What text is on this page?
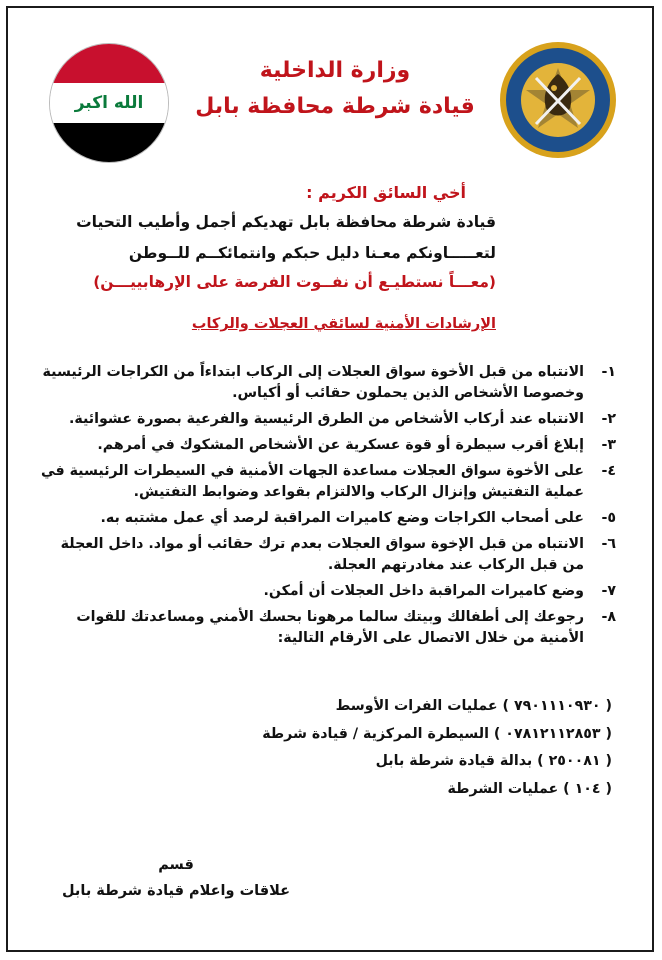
الله اكبر
وزارة الداخلية
قيادة شرطة محافظة بابل
أخي السائق الكريم :
قيادة شرطة محافظة بابل تهديكم أجمل وأطيب التحيات
لتعـــــاونكم معـنا دليل حبكم وانتمائكــم للــوطن
(معـــاً نستطيـع أن نفــوت الفرصة على الإرهابييـــن)
الإرشادات الأمنية لسائقي العجلات والركاب
١-
الانتباه من قبل الأخوة سواق العجلات إلى الركاب ابتداءاً من الكراجات الرئيسية وخصوصا الأشخاص الذين يحملون حقائب أو أكياس.
٢-
الانتباه عند أركاب الأشخاص من الطرق الرئيسية والفرعية بصورة عشوائية.
٣-
إبلاغ أقرب سيطرة أو قوة عسكرية عن الأشخاص المشكوك في أمرهم.
٤-
على الأخوة سواق العجلات مساعدة الجهات الأمنية في السيطرات الرئيسية في عملية التفتيش وإنزال الركاب والالتزام بقواعد وضوابط التفتيش.
٥-
على أصحاب الكراجات وضع كاميرات المراقبة لرصد أي عمل مشتبه به.
٦-
الانتباه من قبل الإخوة سواق العجلات بعدم ترك حقائب أو مواد. داخل العجلة من قبل الركاب عند مغادرتهم العجلة.
٧-
وضع كاميرات المراقبة داخل العجلات أن أمكن.
٨-
رجوعك إلى أطفالك وبيتك سالما مرهونا بحسك الأمني ومساعدتك للقوات الأمنية من خلال الاتصال على الأرقام التالية:
( ٧٩٠١١١٠٩٣٠ ) عمليات الفرات الأوسط
( ٠٧٨١٢١١٢٨٥٣ ) السيطرة المركزية / قيادة شرطة
( ٢٥٠٠٨١ ) بدالة قيادة شرطة بابل
( ١٠٤ ) عمليات الشرطة
قسم
علاقات واعلام قيادة شرطة بابل
